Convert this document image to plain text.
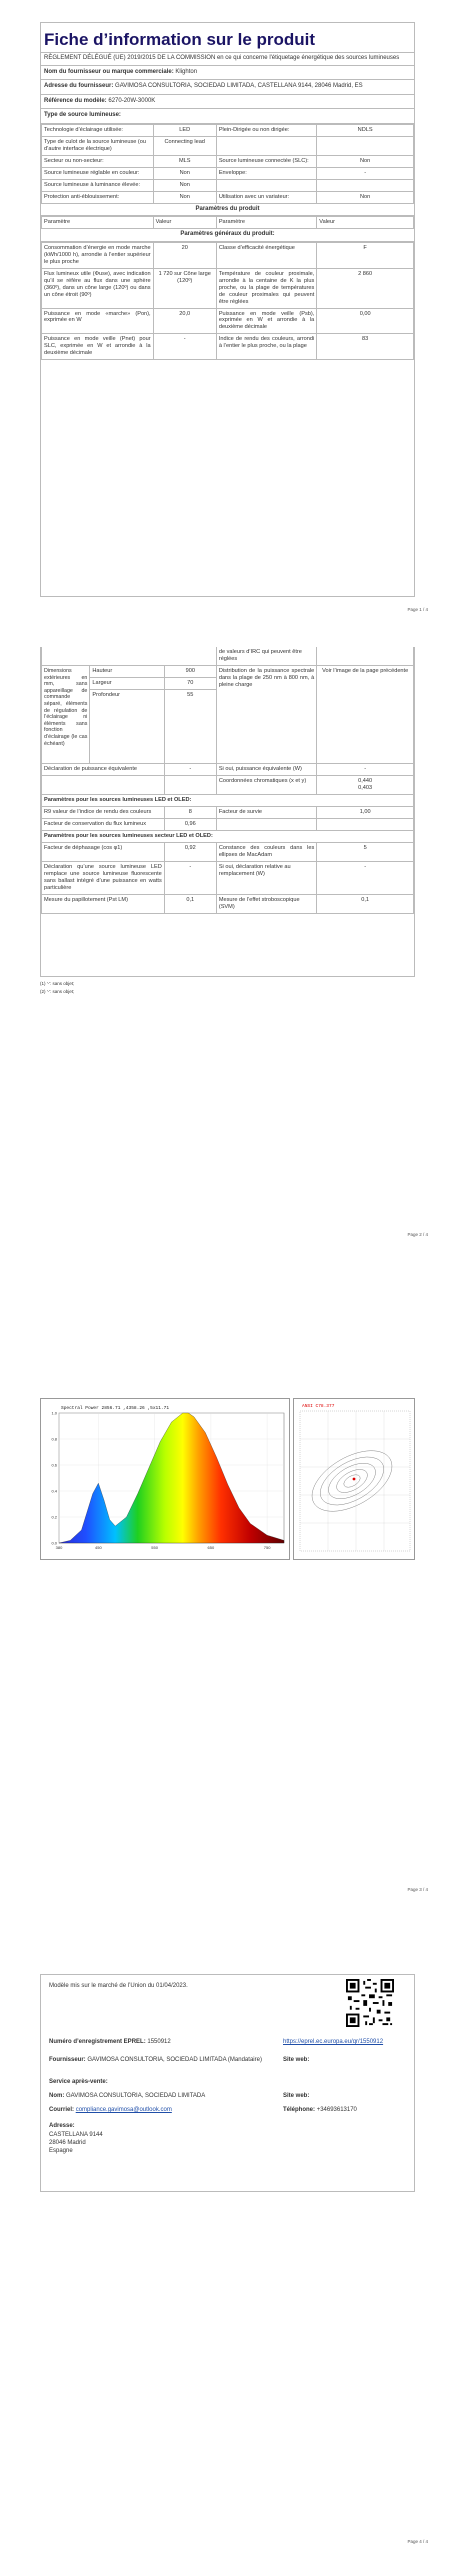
Fiche d’information sur le produit
RÈGLEMENT DÉLÉGUÉ (UE) 2019/2015 DE LA COMMISSION en ce qui concerne l'étiquetage énergétique des sources lumineuses
Nom du fournisseur ou marque commerciale: Klighton
Adresse du fournisseur: GAVIMOSA CONSULTORIA, SOCIEDAD LIMITADA, CASTELLANA 9144, 28046 Madrid, ES
Référence du modèle: 6270-20W-3000K
Type de source lumineuse:
Technologie d’éclairage utilisée:	LED	Plein-Dirigée ou non dirigée:	NDLS
Type de culot de la source lumineuse (ou d’autre interface électrique)	Connecting lead		
Secteur ou non-secteur:	MLS	Source lumineuse connectée (SLC):	Non
Source lumineuse réglable en couleur:	Non	Enveloppe:	-
Source lumineuse à luminance élevée:	Non		
Protection anti-éblouissement:	Non	Utilisation avec un variateur:	Non
Paramètres du produit
Paramètre	Valeur	Paramètre	Valeur
Paramètres généraux du produit:
Consommation d’énergie en mode marche (kWh/1000 h), arrondie à l’entier supérieur le plus proche	20	Classe d’efficacité énergétique	F
Flux lumineux utile (Φuse), avec indication qu’il se réfère au flux dans une sphère (360º), dans un cône large (120º) ou dans un cône étroit (90º)	1 720 sur Cône large (120º)	Température de couleur proximale, arrondie à la centaine de K la plus proche, ou la plage de températures de couleur proximales qui peuvent être réglées	2 860
Puissance en mode «marche» (Pon), exprimée en W	20,0	Puissance en mode veille (Psb), exprimée en W et arrondie à la deuxième décimale	0,00
Puissance en mode veille (Pnet) pour SLC, exprimée en W et arrondie à la deuxième décimale	-	Indice de rendu des couleurs, arrondi à l’entier le plus proche, ou la plage	83
Page 1 / 4
			de valeurs d’IRC qui peuvent être réglées	
Dimensions extérieures en mm, sans appareillage de commande séparé, éléments de régulation de l’éclairage ni éléments sans fonction d’éclairage (le cas échéant)	Hauteur	900	Distribution de la puissance spectrale dans la plage de 250 nm à 800 nm, à pleine charge	Voir l’image de la page précédente
	Largeur	70		
	Profondeur	55		
Déclaration de puissance équivalente		-	Si oui, puissance équivalente (W)	-
			Coordonnées chromatiques (x et y)	0,440
0,403
Paramètres pour les sources lumineuses LED et OLED:				
R9 valeur de l’indice de rendu des couleurs		8	Facteur de survie	1,00
Facteur de conservation du flux lumineux		0,96		
Paramètres pour les sources lumineuses secteur LED et OLED:				
Facteur de déphasage (cos φ1)		0,92	Constance des couleurs dans les ellipses de MacAdam	5
Déclaration qu’une source lumineuse LED remplace une source lumineuse fluorescente sans ballast intégré d’une puissance en watts particulière		-	Si oui, déclaration relative au remplacement (W)	-
Mesure du papillotement (Pst LM)		0,1	Mesure de l’effet stroboscopique (SVM)	0,1
(1) '-': sans objet;
(2) '-': sans objet;
Page 2 / 4
Spectral Power 2856.71 ,4358.26 ,5x11.71
1.0
0.8
0.6
0.4
0.2
0.0
380	450	550	650	750
ANSI C78.377
Page 3 / 4
Modèle mis sur le marché de l’Union du 01/04/2023.
Numéro d’enregistrement EPREL: 1550912	https://eprel.ec.europa.eu/qr/1550912
Fournisseur: GAVIMOSA CONSULTORIA, SOCIEDAD LIMITADA (Mandataire)	Site web:
Service après-vente:
Nom: GAVIMOSA CONSULTORIA, SOCIEDAD LIMITADA	Site web:
Courriel: compliance.gavimosa@outlook.com	Téléphone: +34693613170
Adresse:
CASTELLANA 9144
28046 Madrid
Espagne
Page 4 / 4
